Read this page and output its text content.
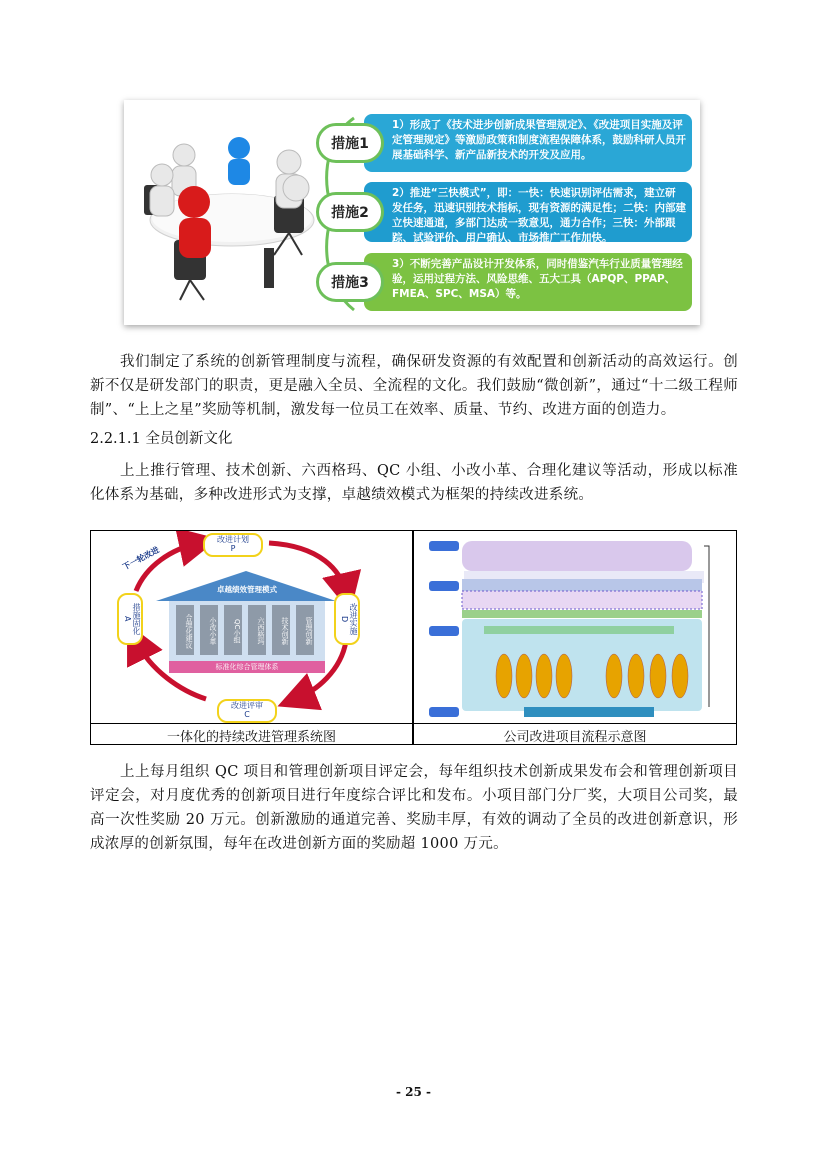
1）形成了《技术进步创新成果管理规定》、《改进项目实施及评定管理规定》等激励政策和制度流程保障体系，鼓励科研人员开展基础科学、新产品新技术的开发及应用。
2）推进“三快模式”，即：一快：快速识别评估需求，建立研发任务，迅速识别技术指标，现有资源的满足性；二快：内部建立快速通道，多部门达成一致意见，通力合作；三快：外部跟踪、试验评价、用户确认、市场推广工作加快。
3）不断完善产品设计开发体系，同时借鉴汽车行业质量管理经验，运用过程方法、风险思维、五大工具（APQP、PPAP、FMEA、SPC、MSA）等。
措施1
措施2
措施3
我们制定了系统的创新管理制度与流程，确保研发资源的有效配置和创新活动的高效运行。创新不仅是研发部门的职责，更是融入全员、全流程的文化。我们鼓励“微创新”，通过“十二级工程师制”、“上上之星”奖励等机制，激发每一位员工在效率、质量、节约、改进方面的创造力。
2.2.1.1 全员创新文化
上上推行管理、技术创新、六西格玛、QC 小组、小改小革、合理化建议等活动，形成以标准化体系为基础，多种改进形式为支撑，卓越绩效模式为框架的持续改进系统。
改进计划
P
改进实施
D
改进评审
C
措施固化
A
下一轮改进
卓越绩效管理模式
合理化建议	小改小革	QC小组	六西格玛	技术创新	管理创新
标准化综合管理体系
一体化的持续改进管理系统图	公司改进项目流程示意图
上上每月组织 QC 项目和管理创新项目评定会，每年组织技术创新成果发布会和管理创新项目评定会，对月度优秀的创新项目进行年度综合评比和发布。小项目部门分厂奖，大项目公司奖，最高一次性奖励 20 万元。创新激励的通道完善、奖励丰厚，有效的调动了全员的改进创新意识，形成浓厚的创新氛围，每年在改进创新方面的奖励超 1000 万元。
- 25 -
